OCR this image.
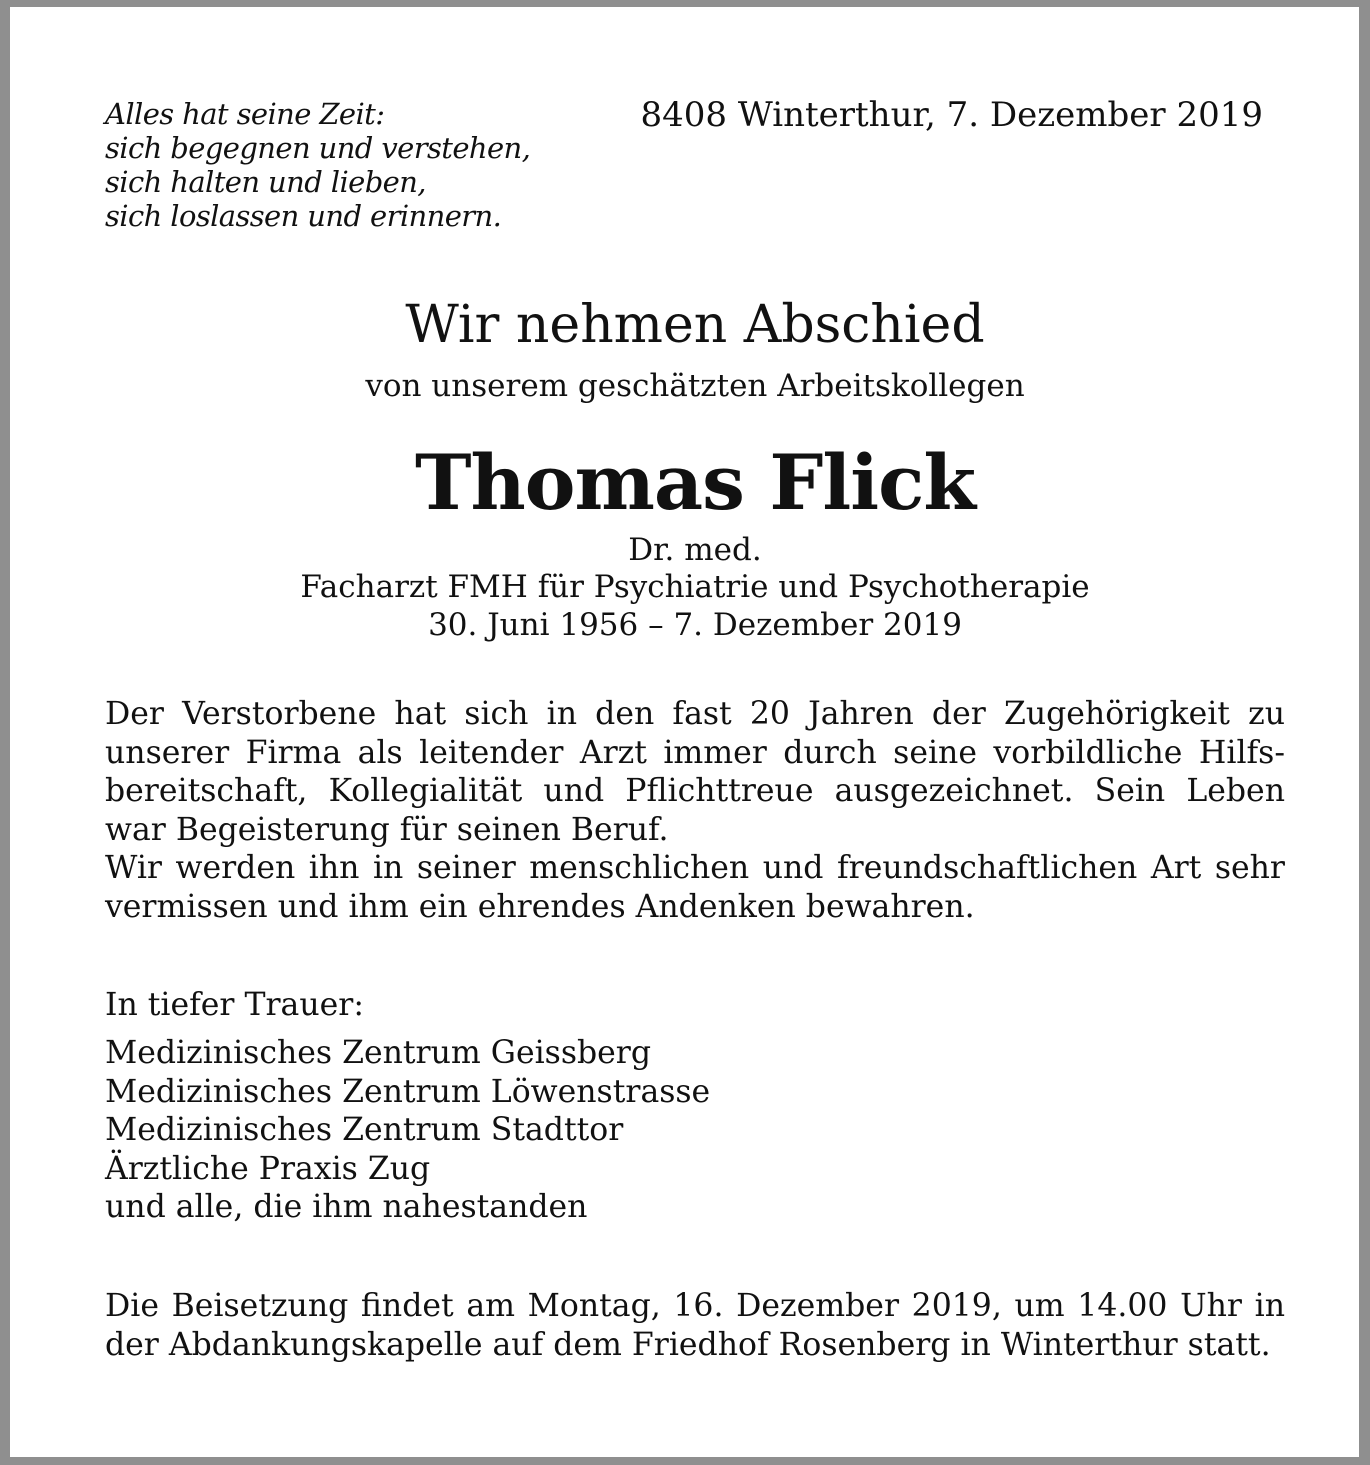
Alles hat seine Zeit:
sich begegnen und verstehen,
sich halten und lieben,
sich loslassen und erinnern.
8408 Winterthur, 7. Dezember 2019
Wir nehmen Abschied
von unserem geschätzten Arbeitskollegen
Thomas Flick
Dr. med.
Facharzt FMH für Psychiatrie und Psychotherapie
30. Juni 1956 – 7. Dezember 2019

Der Verstorbene hat sich in den fast 20 Jahren der Zugehörigkeit zu unserer Firma als leitender Arzt immer durch seine vorbildliche Hilfsbereitschaft, Kollegialität und Pflichttreue ausgezeichnet. Sein Leben war Begeisterung für seinen Beruf.

Wir werden ihn in seiner menschlichen und freundschaftlichen Art sehr vermissen und ihm ein ehrendes Andenken bewahren.

In tiefer Trauer:
Medizinisches Zentrum Geissberg
Medizinisches Zentrum Löwenstrasse
Medizinisches Zentrum Stadttor
Ärztliche Praxis Zug
und alle, die ihm nahestanden
Die Beisetzung findet am Montag, 16. Dezember 2019, um 14.00 Uhr in der Abdankungskapelle auf dem Friedhof Rosenberg in Winterthur statt.
